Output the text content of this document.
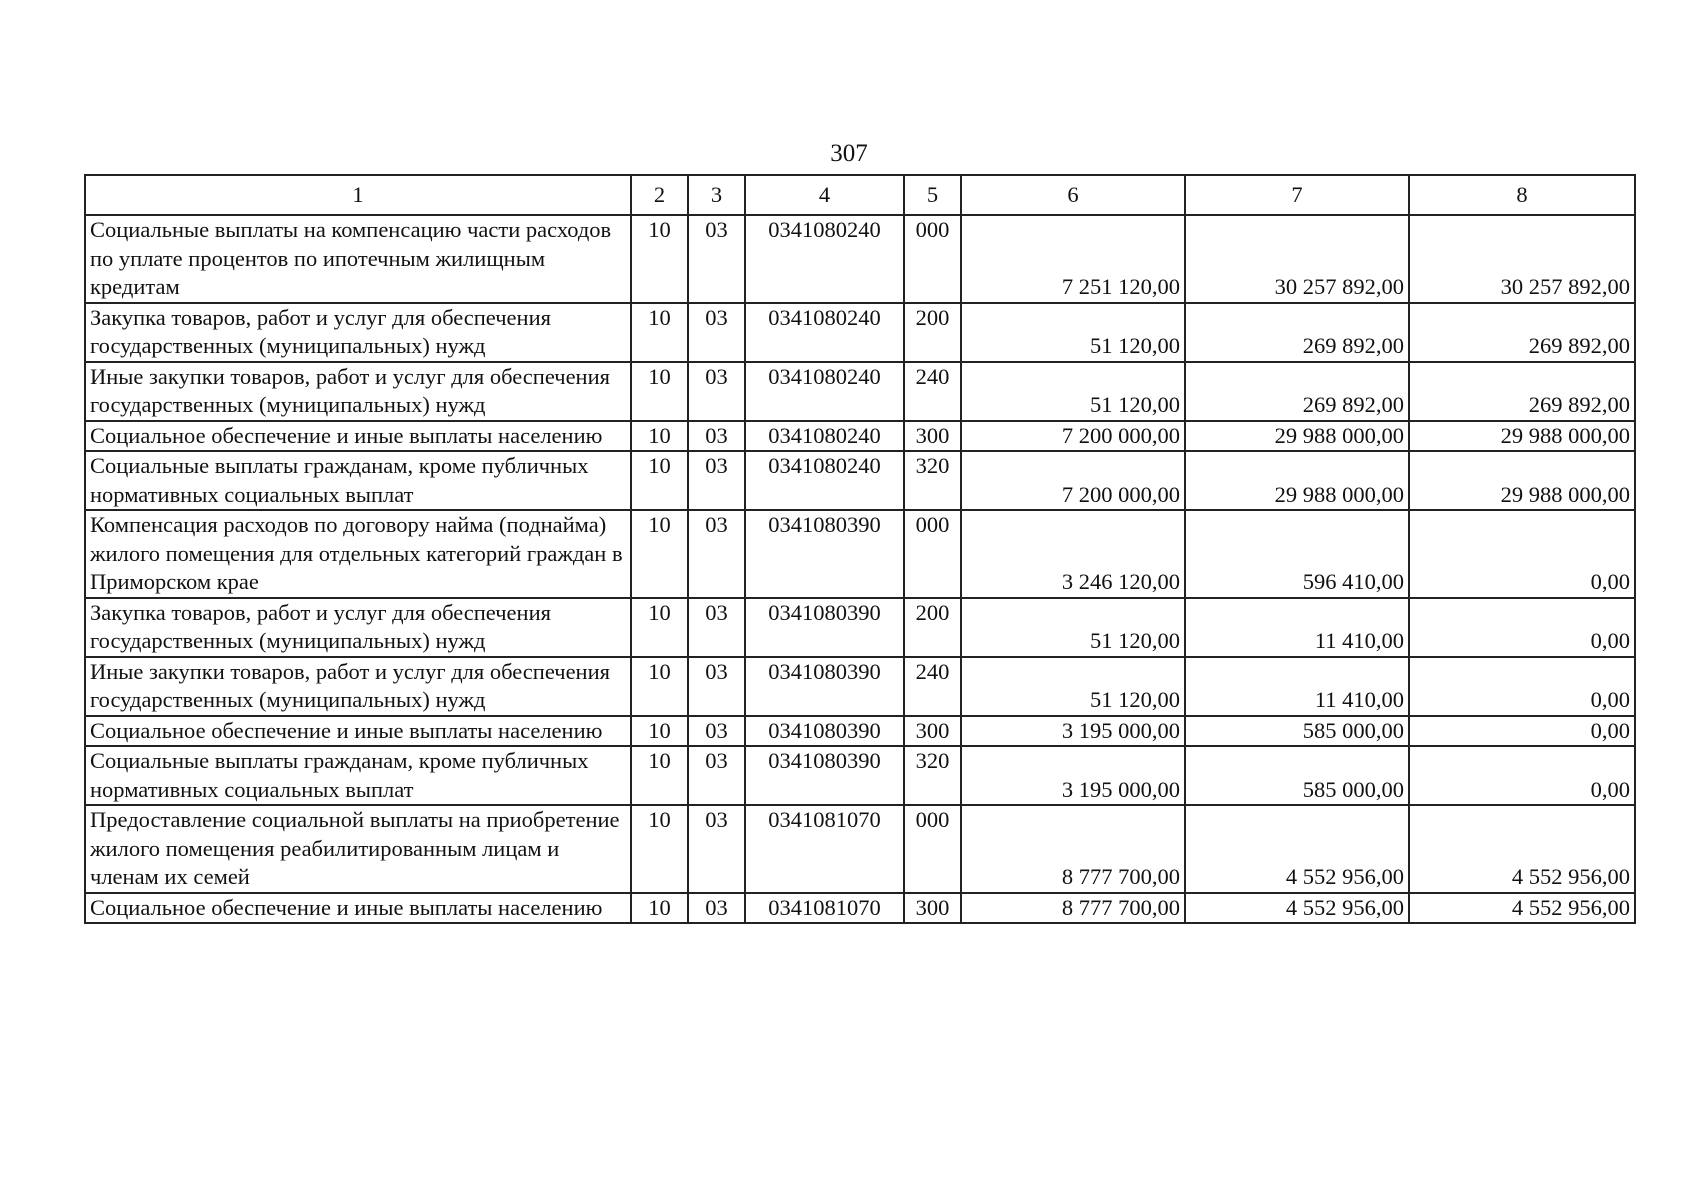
307
1	2	3	4	5	6	7	8
Социальные выплаты на компенсацию части расходов по уплате процентов по ипотечным жилищным кредитам	10	03	0341080240	000	7 251 120,00	30 257 892,00	30 257 892,00
Закупка товаров, работ и услуг для обеспечения государственных (муниципальных) нужд	10	03	0341080240	200	51 120,00	269 892,00	269 892,00
Иные закупки товаров, работ и услуг для обеспечения государственных (муниципальных) нужд	10	03	0341080240	240	51 120,00	269 892,00	269 892,00
Социальное обеспечение и иные выплаты населению	10	03	0341080240	300	7 200 000,00	29 988 000,00	29 988 000,00
Социальные выплаты гражданам, кроме публичных нормативных социальных выплат	10	03	0341080240	320	7 200 000,00	29 988 000,00	29 988 000,00
Компенсация расходов по договору найма (поднайма) жилого помещения для отдельных категорий граждан в Приморском крае	10	03	0341080390	000	3 246 120,00	596 410,00	0,00
Закупка товаров, работ и услуг для обеспечения государственных (муниципальных) нужд	10	03	0341080390	200	51 120,00	11 410,00	0,00
Иные закупки товаров, работ и услуг для обеспечения государственных (муниципальных) нужд	10	03	0341080390	240	51 120,00	11 410,00	0,00
Социальное обеспечение и иные выплаты населению	10	03	0341080390	300	3 195 000,00	585 000,00	0,00
Социальные выплаты гражданам, кроме публичных нормативных социальных выплат	10	03	0341080390	320	3 195 000,00	585 000,00	0,00
Предоставление социальной выплаты на приобретение жилого помещения реабилитированным лицам и членам их семей	10	03	0341081070	000	8 777 700,00	4 552 956,00	4 552 956,00
Социальное обеспечение и иные выплаты населению	10	03	0341081070	300	8 777 700,00	4 552 956,00	4 552 956,00
